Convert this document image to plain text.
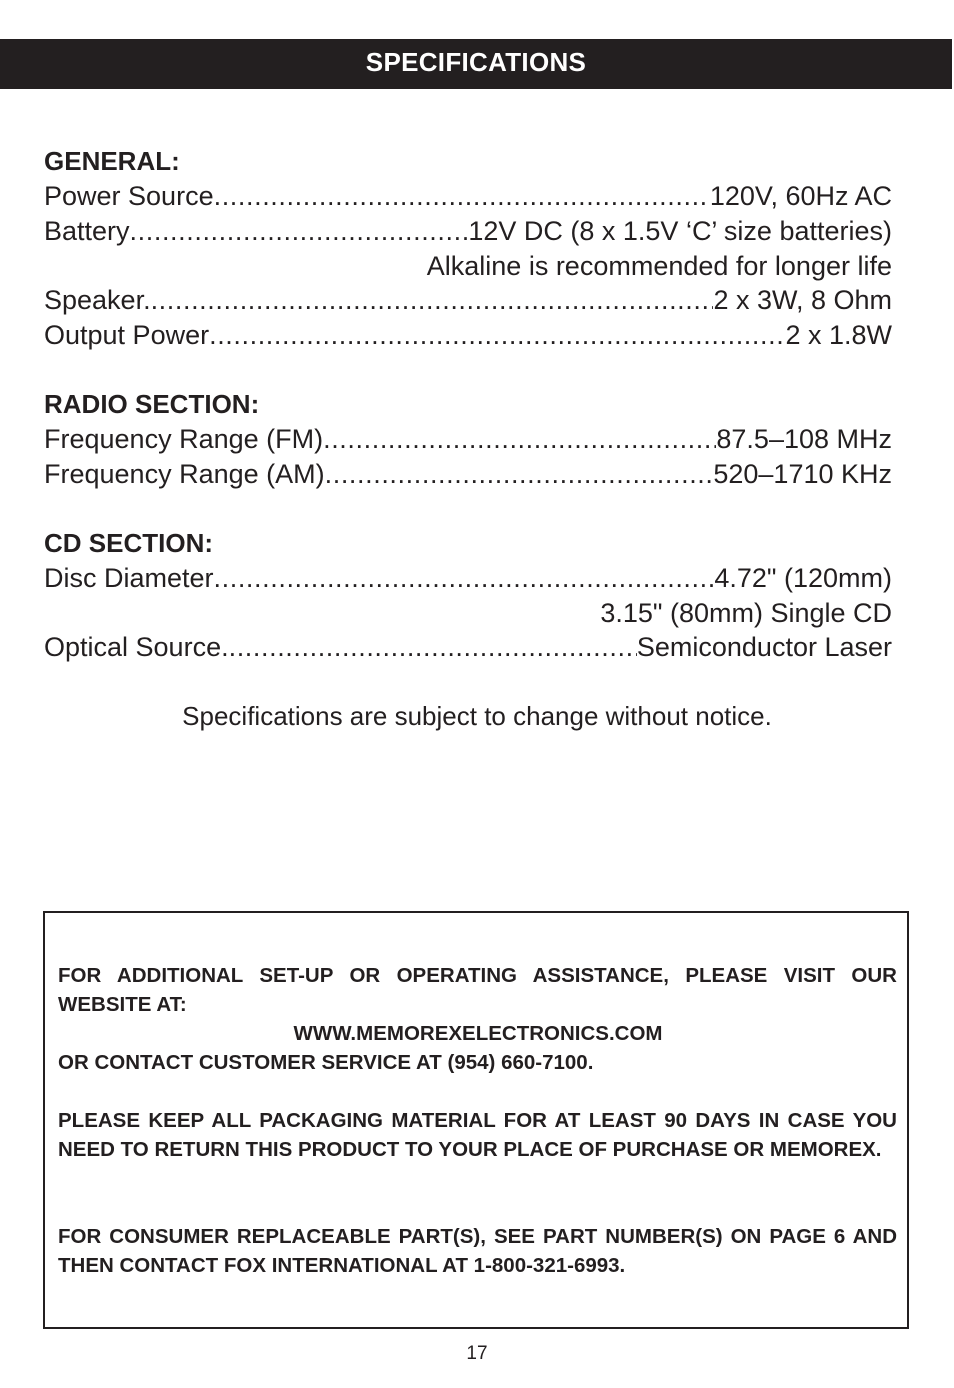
SPECIFICATIONS
GENERAL:
Power Source .....	120V, 60Hz AC
Battery .....	12V DC (8 x 1.5V ‘C’ size batteries)
Alkaline is recommended for longer life
Speaker. .....	2 x 3W, 8 Ohm
Output Power .....	2 x 1.8W
RADIO SECTION:
Frequency Range (FM) .....	87.5–108 MHz
Frequency Range (AM) .....	520–1710 KHz
CD SECTION:
Disc Diameter .....	4.72" (120mm)
3.15" (80mm) Single CD
Optical Source. .....	Semiconductor Laser
Specifications are subject to change without notice.
FOR ADDITIONAL SET-UP OR OPERATING ASSISTANCE, PLEASE VISIT OUR WEBSITE AT:
WWW.MEMOREXELECTRONICS.COM
OR CONTACT CUSTOMER SERVICE AT (954) 660-7100.
PLEASE KEEP ALL PACKAGING MATERIAL FOR AT LEAST 90 DAYS IN CASE YOU NEED TO RETURN THIS PRODUCT TO YOUR PLACE OF PURCHASE OR MEMOREX.
FOR CONSUMER REPLACEABLE PART(S), SEE PART NUMBER(S) ON PAGE 6 AND THEN CONTACT FOX INTERNATIONAL AT 1-800-321-6993.
17
